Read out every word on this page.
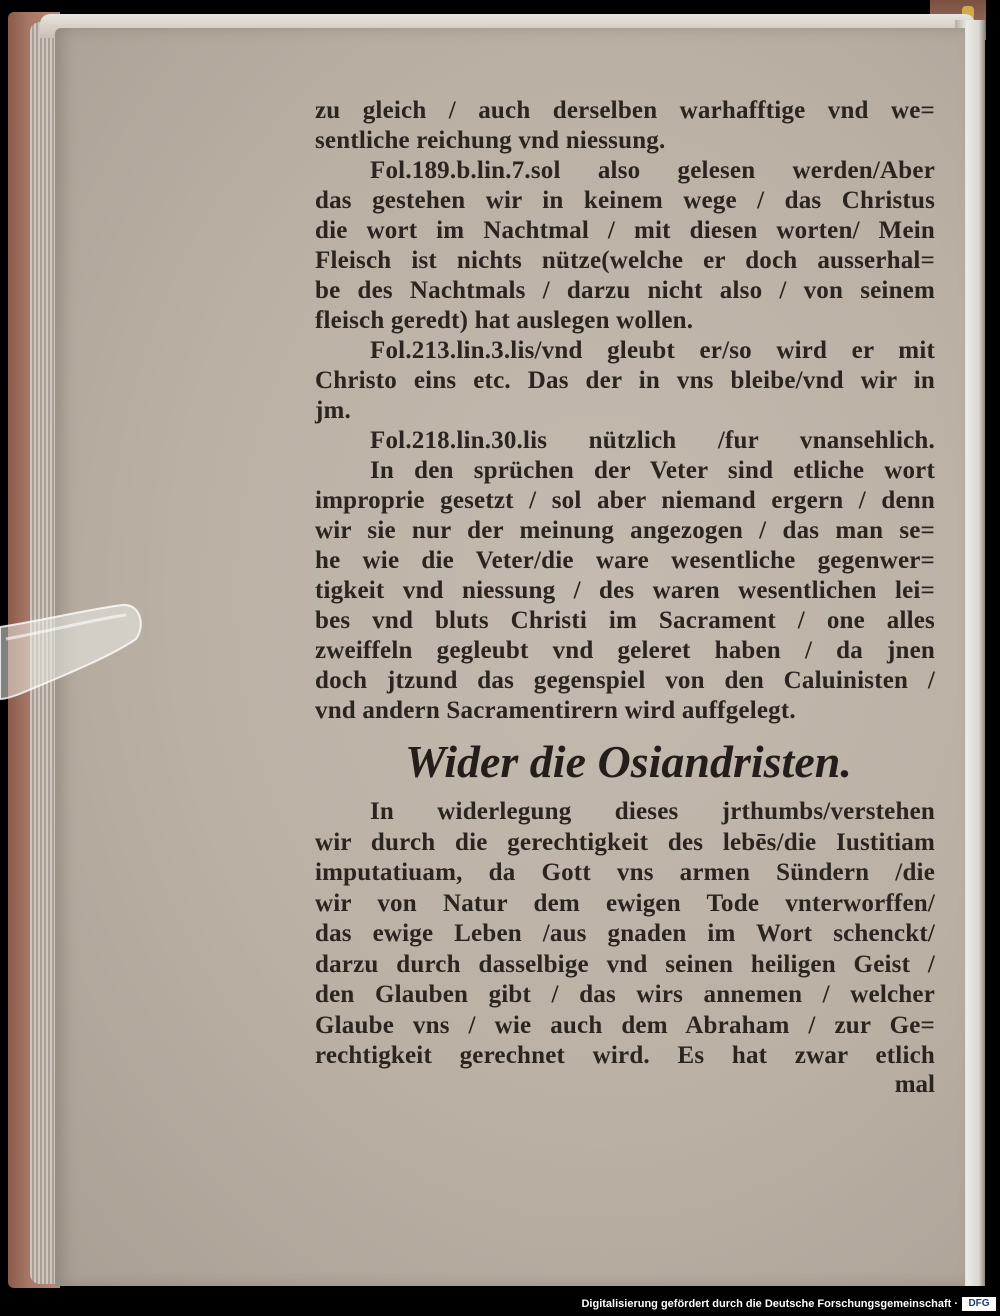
zu gleich / auch derselben warhafftige vnd we=
sentliche reichung vnd niessung.
Fol.189.b.lin.7.sol also gelesen werden/Aber
das gestehen wir in keinem wege / das Christus
die wort im Nachtmal / mit diesen worten/ Mein
Fleisch ist nichts nütze(welche er doch ausserhal=
be des Nachtmals / darzu nicht also / von seinem
fleisch geredt) hat auslegen wollen.
Fol.213.lin.3.lis/vnd gleubt er/so wird er mit
Christo eins etc. Das der in vns bleibe/vnd wir in
jm.
Fol.218.lin.30.lis nützlich /fur vnansehlich.
In den sprüchen der Veter sind etliche wort
improprie gesetzt / sol aber niemand ergern / denn
wir sie nur der meinung angezogen / das man se=
he wie die Veter/die ware wesentliche gegenwer=
tigkeit vnd niessung / des waren wesentlichen lei=
bes vnd bluts Christi im Sacrament / one alles
zweiffeln gegleubt vnd geleret haben / da jnen
doch jtzund das gegenspiel von den Caluinisten /
vnd andern Sacramentirern wird auffgelegt.
Wider die Osiandristen.
In widerlegung dieses jrthumbs/verstehen
wir durch die gerechtigkeit des lebēs/die Iustitiam
imputatiuam, da Gott vns armen Sündern /die
wir von Natur dem ewigen Tode vnterworffen/
das ewige Leben /aus gnaden im Wort schenckt/
darzu durch dasselbige vnd seinen heiligen Geist /
den Glauben gibt / das wirs annemen / welcher
Glaube vns / wie auch dem Abraham / zur Ge=
rechtigkeit gerechnet wird. Es hat zwar etlich
mal
Digitalisierung gefördert durch die Deutsche Forschungsgemeinschaft ·	DFG
